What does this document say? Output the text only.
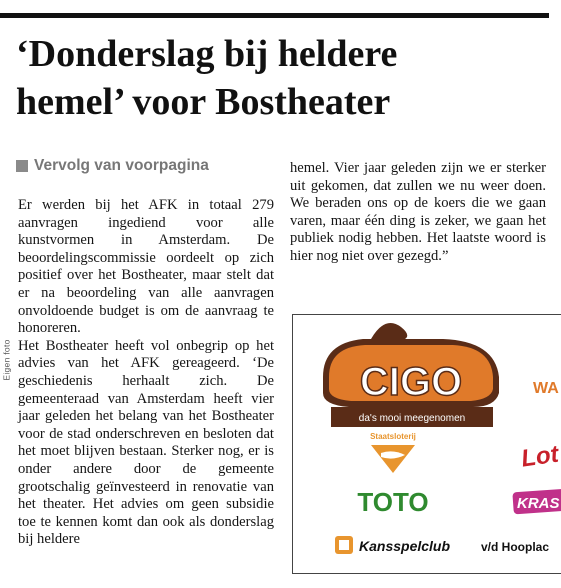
‘Donderslag bij heldere
hemel’ voor Bostheater
Vervolg van voorpagina
Eigen foto

Er werden bij het AFK in totaal 279 aanvragen ingediend voor alle kunstvormen in Amsterdam. De beoordelingscommissie oordeelt op zich positief over het Bostheater, maar stelt dat er na beoordeling van alle aanvragen onvoldoende budget is om de aanvraag te honoreren.

Het Bostheater heeft vol onbegrip op het advies van het AFK gereageerd. ‘De geschiedenis herhaalt zich. De gemeenteraad van Amsterdam heeft vier jaar geleden het belang van het Bostheater voor de stad onderschreven en besloten dat het moet blijven bestaan. Sterker nog, er is onder andere door de gemeente grootschalig geïnvesteerd in renovatie van het theater. Het advies om geen subsidie toe te kennen komt dan ook als donderslag bij heldere

hemel. Vier jaar geleden zijn we er sterker uit gekomen, dat zullen we nu weer doen. We beraden ons op de koers die we gaan varen, maar één ding is zeker, we gaan het publiek nodig hebben. Het laatste woord is hier nog niet over gezegd.”

CIGO
da's mooi meegenomen
WA
Staatsloterij
TOTO
Lot
KRAS
Kansspelclub	v/d Hooplac
